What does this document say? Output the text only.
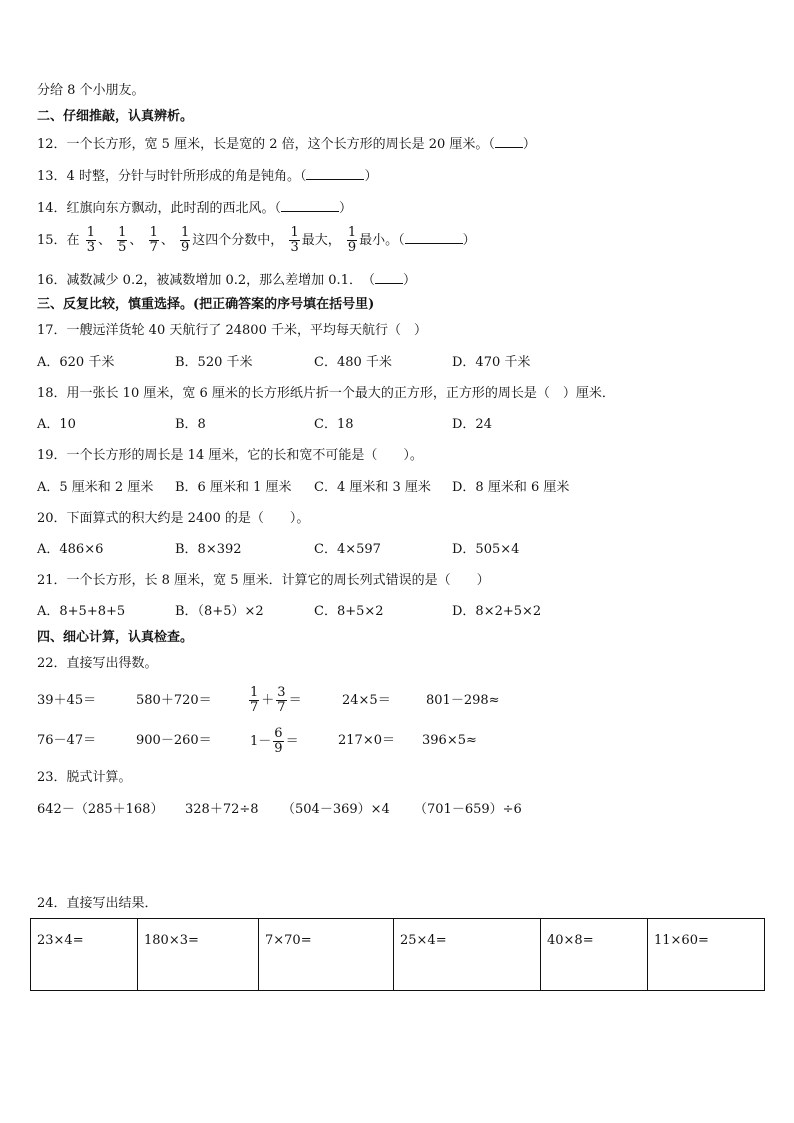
分给 8 个小朋友。
二、仔细推敲，认真辨析。
12．一个长方形，宽 5 厘米，长是宽的 2 倍，这个长方形的周长是 20 厘米。（ ）
13．4 时整，分针与时针所形成的角是钝角。（	）
14．红旗向东方飘动，此时刮的西北风。（	）
15．在 $\frac{1}{3}$ 、 $\frac{1}{5}$ 、 $\frac{1}{7}$ 、 $\frac{1}{9}$ 这四个分数中， $\frac{1}{3}$ 最大， $\frac{1}{9}$ 最小。（	）
16．减数减少 0.2，被减数增加 0.2，那么差增加 0.1．　（ ）
三、反复比较，慎重选择。(把正确答案的序号填在括号里)
17．一艘远洋货轮 40 天航行了 24800 千米，平均每天航行（　）
A．620 千米	B．520 千米	C．480 千米	D．470 千米
18．用一张长 10 厘米，宽 6 厘米的长方形纸片折一个最大的正方形，正方形的周长是（　）厘米．
A．10	B．8	C．18	D．24
19．一个长方形的周长是 14 厘米，它的长和宽不可能是（　　）。
A．5 厘米和 2 厘米 B．6 厘米和 1 厘米 C．4 厘米和 3 厘米 D．8 厘米和 6 厘米
20．下面算式的积大约是 2400 的是（　　）。
A．486×6	B．8×392	C．4×597	D．505×4
21．一个长方形，长 8 厘米，宽 5 厘米．计算它的周长列式错误的是（　　）
A．8+5+8+5	B．（8+5）×2	C．8+5×2	D．8×2+5×2
四、细心计算，认真检查。
22．直接写出得数。
39＋45＝	580＋720＝	$\frac{1}{7} + \frac{3}{7}$ ＝	24×5＝	801－298≈
76－47＝	900－260＝	$1- \frac{6}{9}$ ＝	217×0＝ 396×5≈
23．脱式计算。
642－（285＋168） 328＋72÷8 （504－369）×4 （701－659）÷6
24．直接写出结果．
23×4=	180×3=	7×70=	25×4=	40×8=	11×60=
